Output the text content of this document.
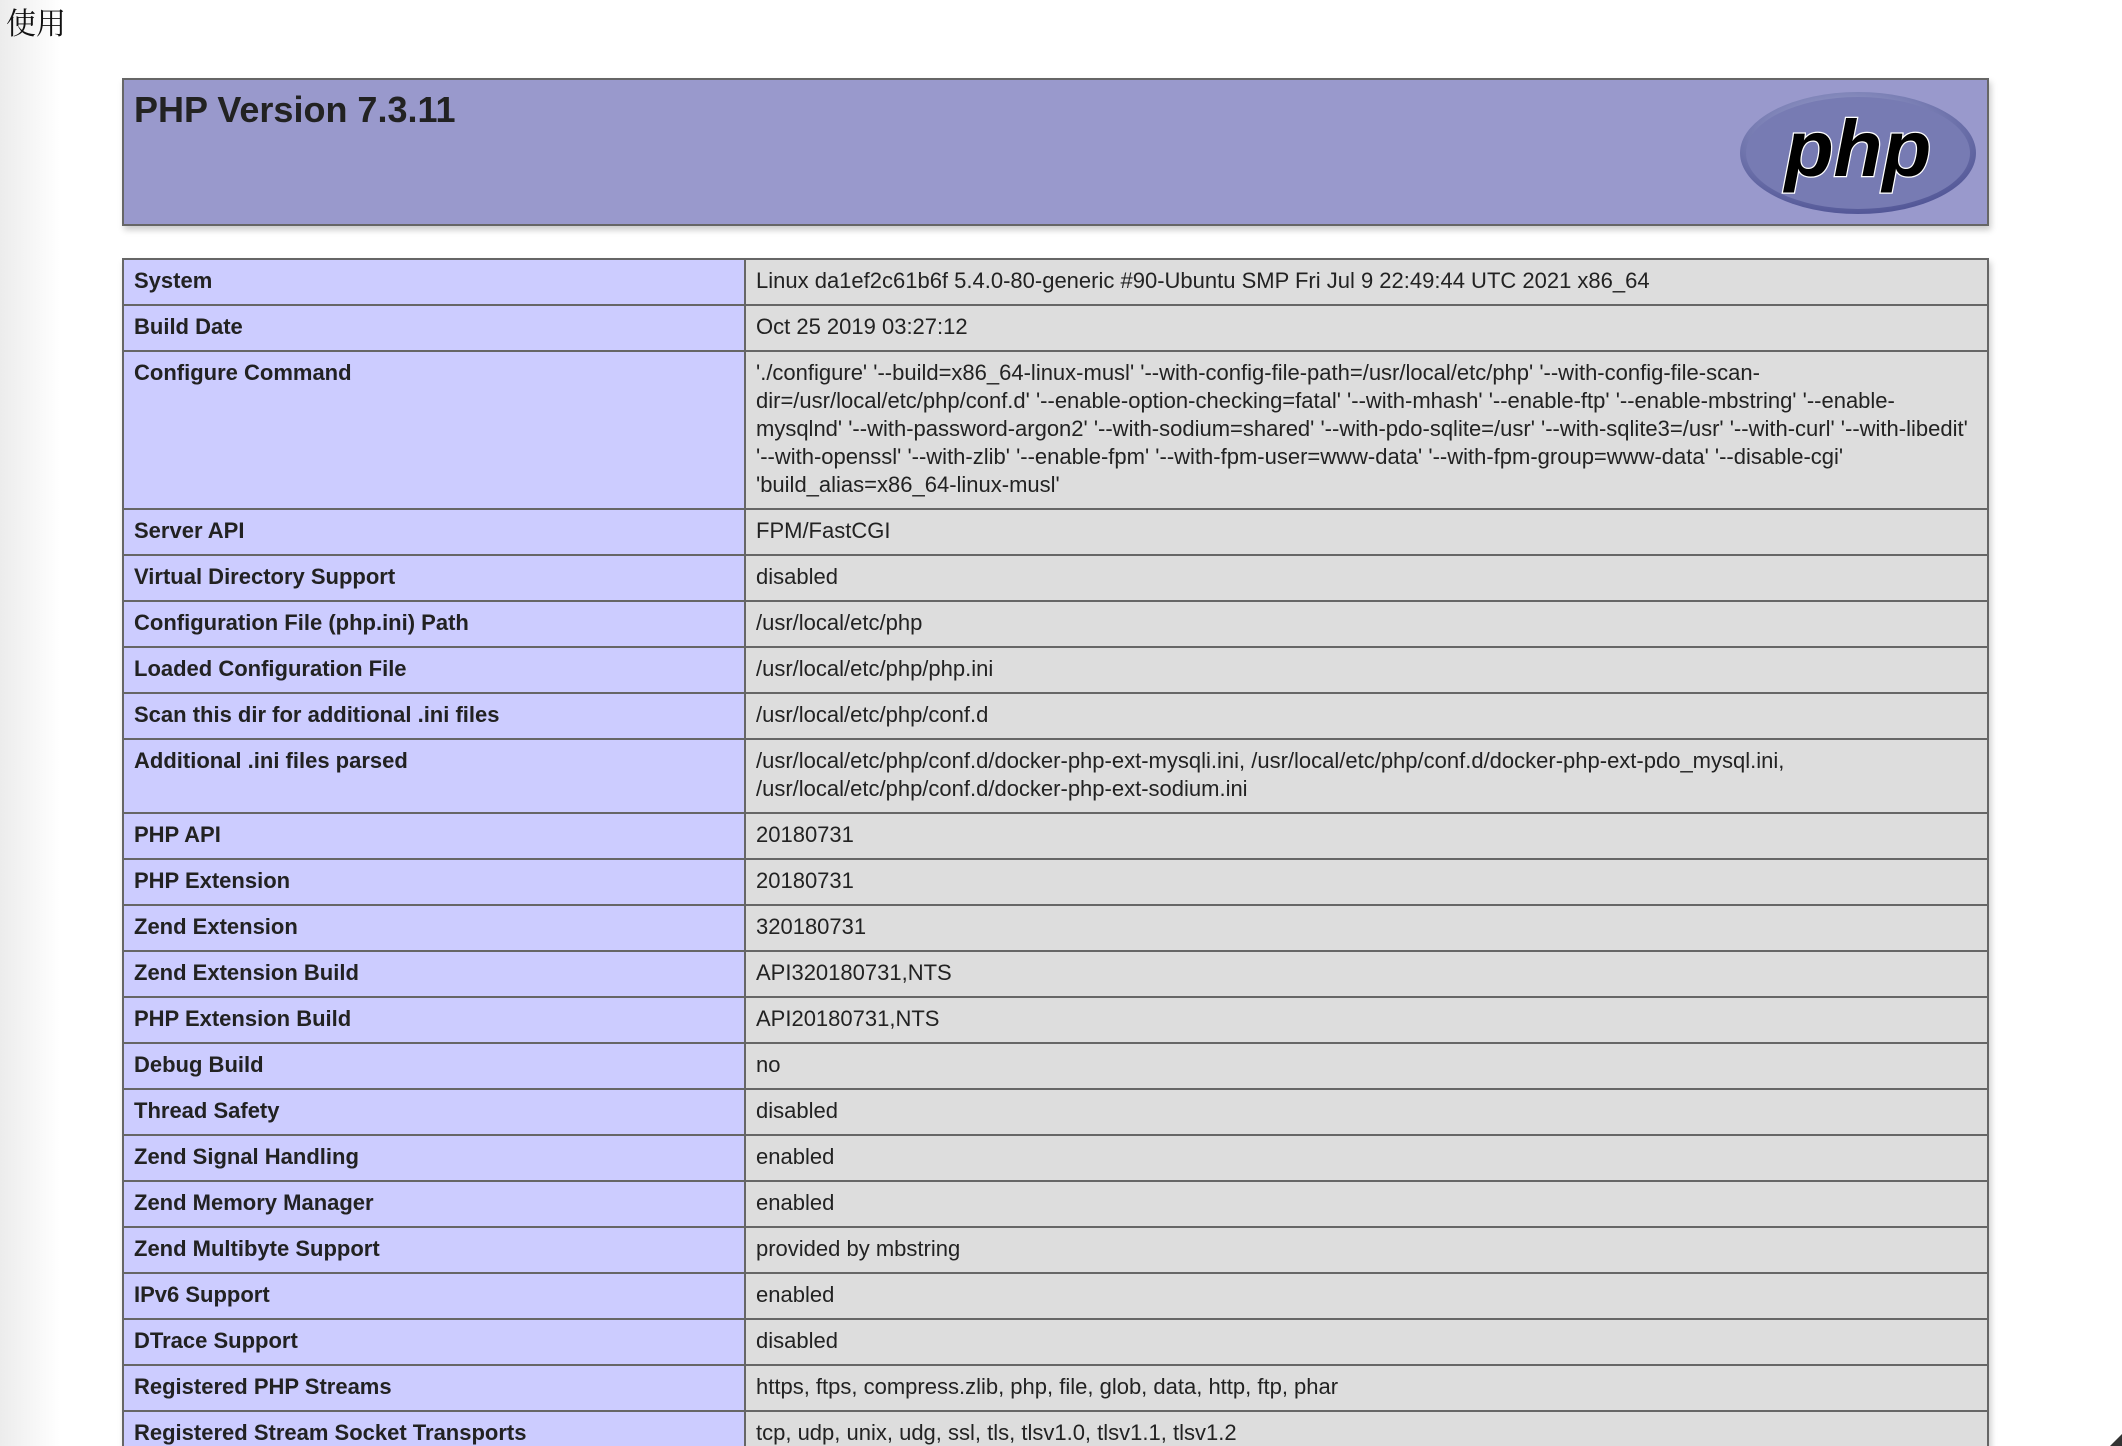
使用
PHP Version 7.3.11	php
System	Linux da1ef2c61b6f 5.4.0-80-generic #90-Ubuntu SMP Fri Jul 9 22:49:44 UTC 2021 x86_64
Build Date	Oct 25 2019 03:27:12
Configure Command	'./configure' '--build=x86_64-linux-musl' '--with-config-file-path=/usr/local/etc/php' '--with-config-file-scan-dir=/usr/local/etc/php/conf.d' '--enable-option-checking=fatal' '--with-mhash' '--enable-ftp' '--enable-mbstring' '--enable-mysqlnd' '--with-password-argon2' '--with-sodium=shared' '--with-pdo-sqlite=/usr' '--with-sqlite3=/usr' '--with-curl' '--with-libedit' '--with-openssl' '--with-zlib' '--enable-fpm' '--with-fpm-user=www-data' '--with-fpm-group=www-data' '--disable-cgi' 'build_alias=x86_64-linux-musl'
Server API	FPM/FastCGI
Virtual Directory Support	disabled
Configuration File (php.ini) Path	/usr/local/etc/php
Loaded Configuration File	/usr/local/etc/php/php.ini
Scan this dir for additional .ini files	/usr/local/etc/php/conf.d
Additional .ini files parsed	/usr/local/etc/php/conf.d/docker-php-ext-mysqli.ini, /usr/local/etc/php/conf.d/docker-php-ext-pdo_mysql.ini, /usr/local/etc/php/conf.d/docker-php-ext-sodium.ini
PHP API	20180731
PHP Extension	20180731
Zend Extension	320180731
Zend Extension Build	API320180731,NTS
PHP Extension Build	API20180731,NTS
Debug Build	no
Thread Safety	disabled
Zend Signal Handling	enabled
Zend Memory Manager	enabled
Zend Multibyte Support	provided by mbstring
IPv6 Support	enabled
DTrace Support	disabled
Registered PHP Streams	https, ftps, compress.zlib, php, file, glob, data, http, ftp, phar
Registered Stream Socket Transports	tcp, udp, unix, udg, ssl, tls, tlsv1.0, tlsv1.1, tlsv1.2
